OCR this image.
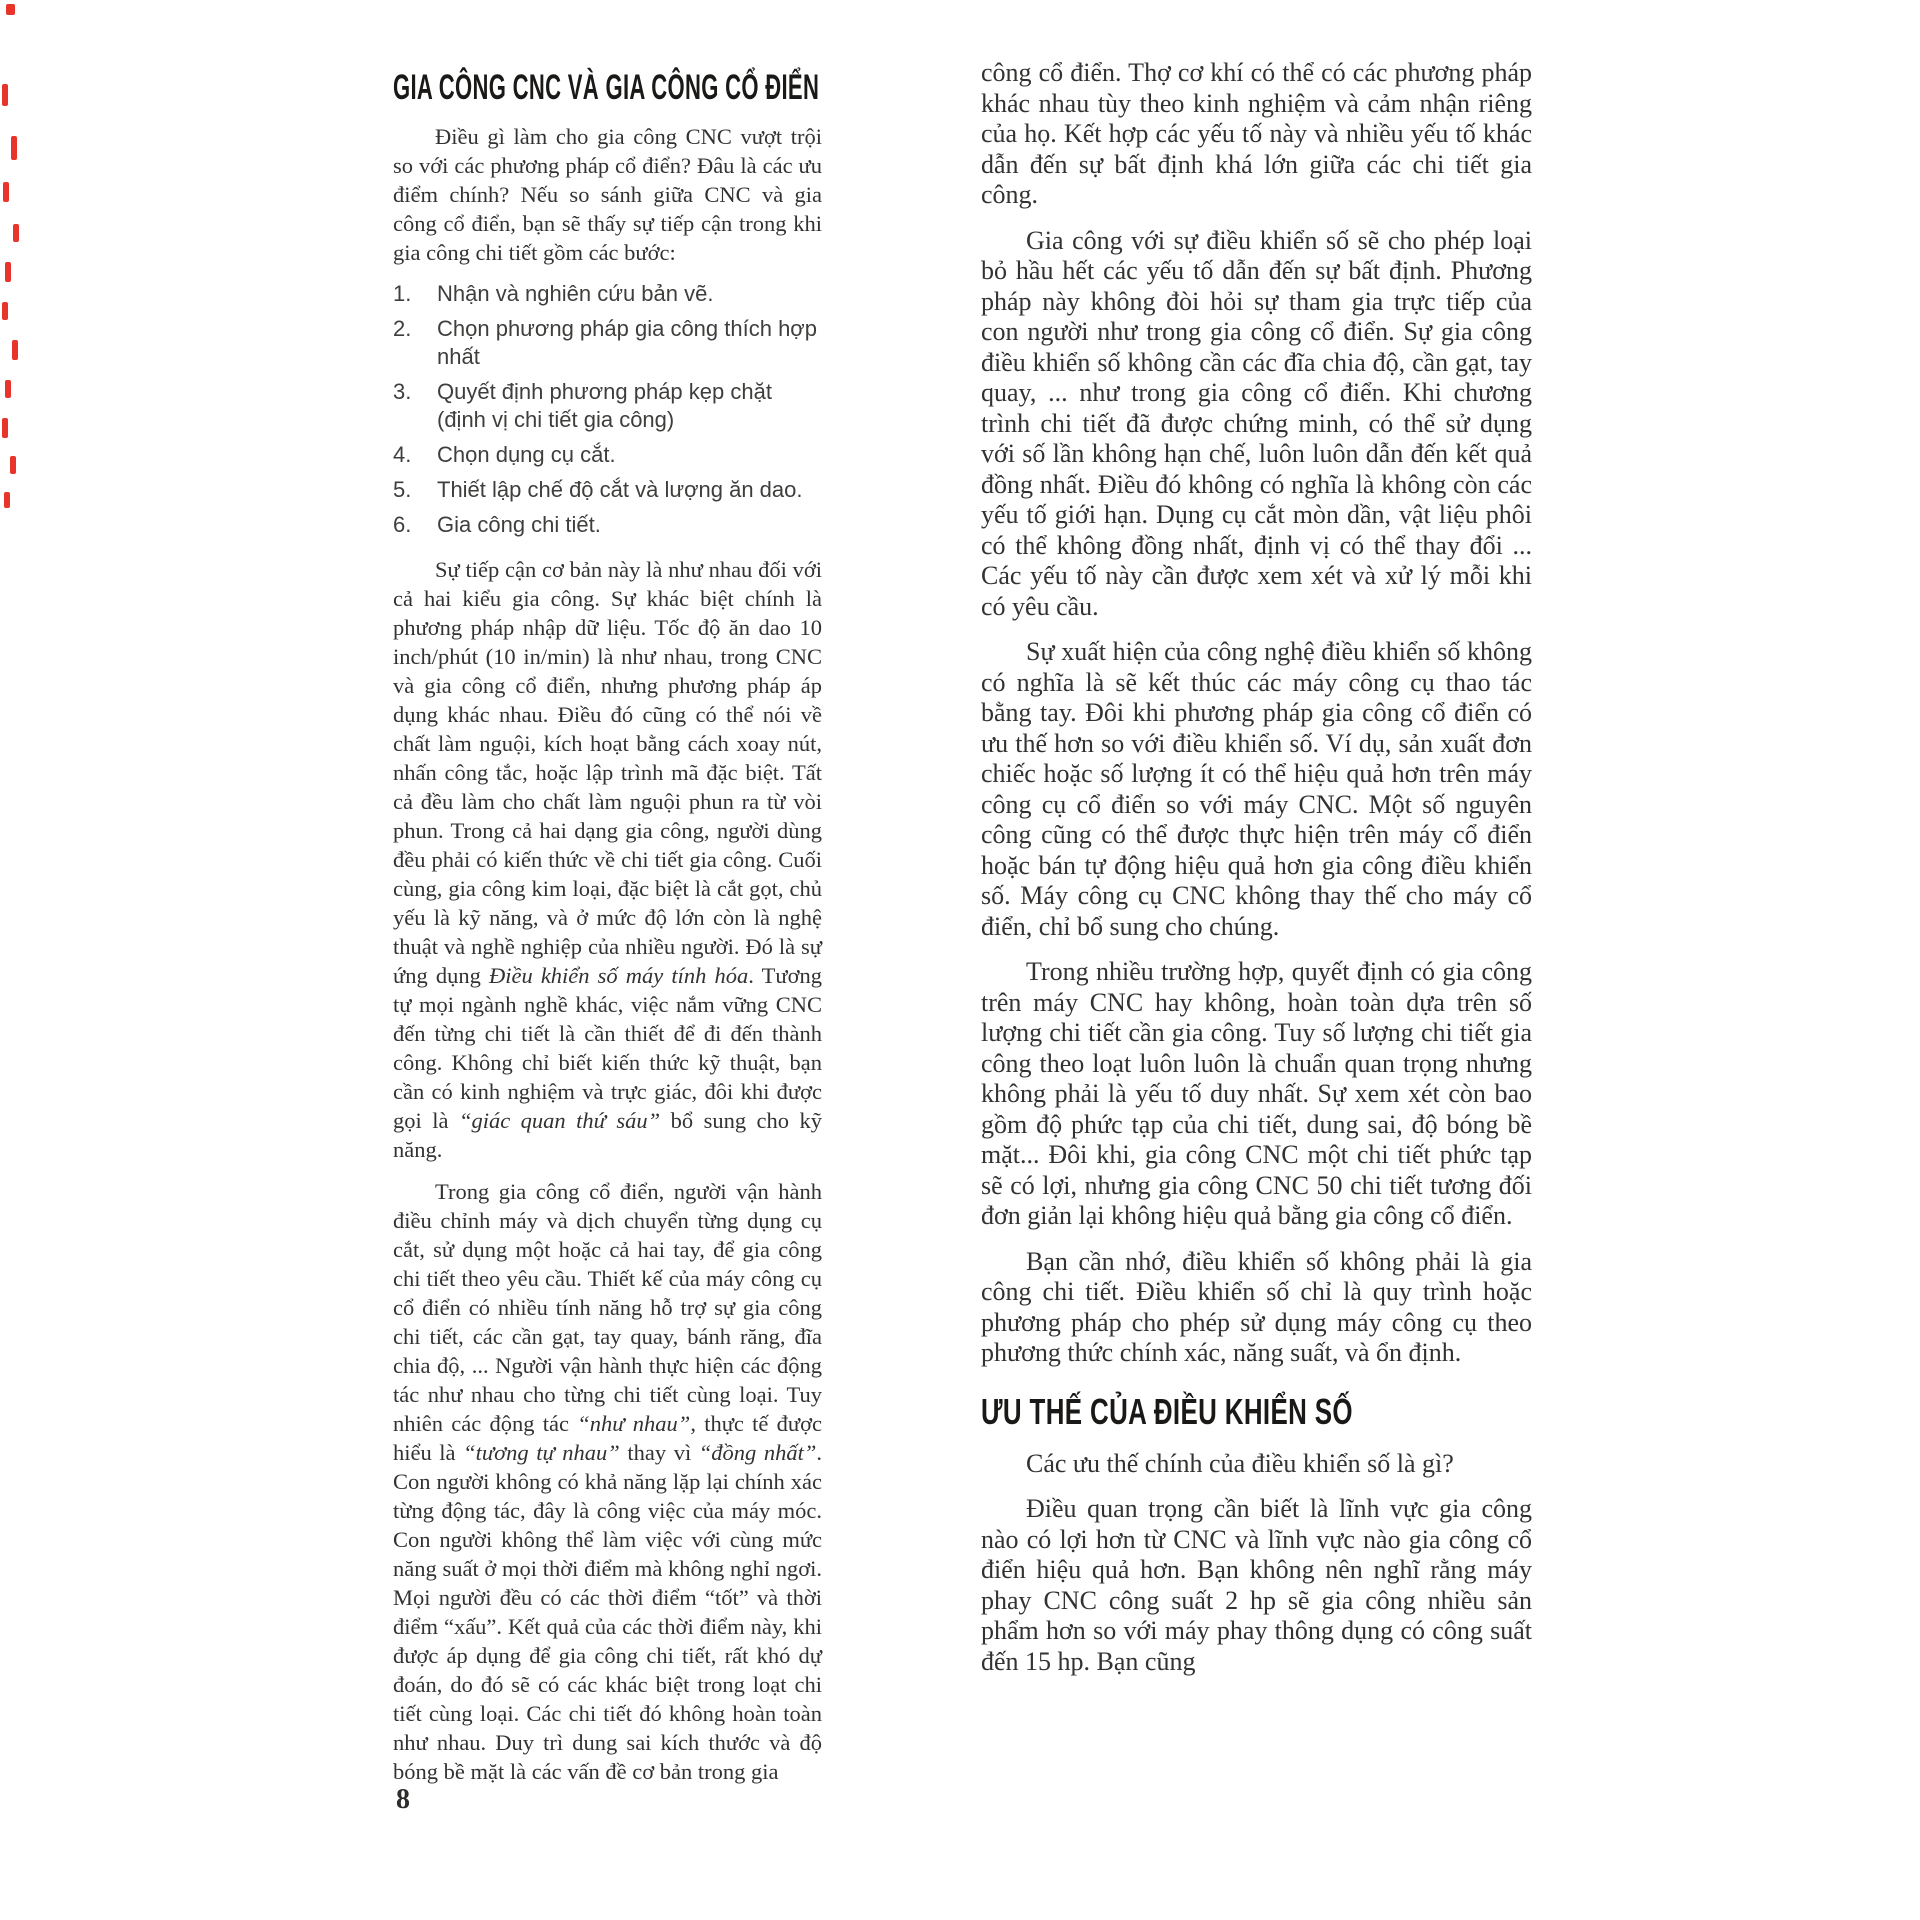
GIA CÔNG CNC VÀ GIA CÔNG CỔ ĐIỂN

Điều gì làm cho gia công CNC vượt trội so với các phương pháp cổ điển? Đâu là các ưu điểm chính? Nếu so sánh giữa CNC và gia công cổ điển, bạn sẽ thấy sự tiếp cận trong khi gia công chi tiết gồm các bước:

1.	Nhận và nghiên cứu bản vẽ.
2.	Chọn phương pháp gia công thích hợp nhất
3.	Quyết định phương pháp kẹp chặt
(định vị chi tiết gia công)
4.	Chọn dụng cụ cắt.
5.	Thiết lập chế độ cắt và lượng ăn dao.
6.	Gia công chi tiết.

Sự tiếp cận cơ bản này là như nhau đối với cả hai kiểu gia công. Sự khác biệt chính là phương pháp nhập dữ liệu. Tốc độ ăn dao 10 inch/phút (10 in/min) là như nhau, trong CNC và gia công cổ điển, nhưng phương pháp áp dụng khác nhau. Điều đó cũng có thể nói về chất làm nguội, kích hoạt bằng cách xoay nút, nhấn công tắc, hoặc lập trình mã đặc biệt. Tất cả đều làm cho chất làm nguội phun ra từ vòi phun. Trong cả hai dạng gia công, người dùng đều phải có kiến thức về chi tiết gia công. Cuối cùng, gia công kim loại, đặc biệt là cắt gọt, chủ yếu là kỹ năng, và ở mức độ lớn còn là nghệ thuật và nghề nghiệp của nhiều người. Đó là sự ứng dụng Điều khiển số máy tính hóa. Tương tự mọi ngành nghề khác, việc nắm vững CNC đến từng chi tiết là cần thiết để đi đến thành công. Không chỉ biết kiến thức kỹ thuật, bạn cần có kinh nghiệm và trực giác, đôi khi được gọi là “giác quan thứ sáu” bổ sung cho kỹ năng.

Trong gia công cổ điển, người vận hành điều chỉnh máy và dịch chuyển từng dụng cụ cắt, sử dụng một hoặc cả hai tay, để gia công chi tiết theo yêu cầu. Thiết kế của máy công cụ cổ điển có nhiều tính năng hỗ trợ sự gia công chi tiết, các cần gạt, tay quay, bánh răng, đĩa chia độ, ... Người vận hành thực hiện các động tác như nhau cho từng chi tiết cùng loại. Tuy nhiên các động tác “như nhau”, thực tế được hiểu là “tương tự nhau” thay vì “đồng nhất”. Con người không có khả năng lặp lại chính xác từng động tác, đây là công việc của máy móc. Con người không thể làm việc với cùng mức năng suất ở mọi thời điểm mà không nghỉ ngơi. Mọi người đều có các thời điểm “tốt” và thời điểm “xấu”. Kết quả của các thời điểm này, khi được áp dụng để gia công chi tiết, rất khó dự đoán, do đó sẽ có các khác biệt trong loạt chi tiết cùng loại. Các chi tiết đó không hoàn toàn như nhau. Duy trì dung sai kích thước và độ bóng bề mặt là các vấn đề cơ bản trong gia

công cổ điển. Thợ cơ khí có thể có các phương pháp khác nhau tùy theo kinh nghiệm và cảm nhận riêng của họ. Kết hợp các yếu tố này và nhiều yếu tố khác dẫn đến sự bất định khá lớn giữa các chi tiết gia công.

Gia công với sự điều khiển số sẽ cho phép loại bỏ hầu hết các yếu tố dẫn đến sự bất định. Phương pháp này không đòi hỏi sự tham gia trực tiếp của con người như trong gia công cổ điển. Sự gia công điều khiển số không cần các đĩa chia độ, cần gạt, tay quay, ... như trong gia công cổ điển. Khi chương trình chi tiết đã được chứng minh, có thể sử dụng với số lần không hạn chế, luôn luôn dẫn đến kết quả đồng nhất. Điều đó không có nghĩa là không còn các yếu tố giới hạn. Dụng cụ cắt mòn dần, vật liệu phôi có thể không đồng nhất, định vị có thể thay đổi ... Các yếu tố này cần được xem xét và xử lý mỗi khi có yêu cầu.

Sự xuất hiện của công nghệ điều khiển số không có nghĩa là sẽ kết thúc các máy công cụ thao tác bằng tay. Đôi khi phương pháp gia công cổ điển có ưu thế hơn so với điều khiển số. Ví dụ, sản xuất đơn chiếc hoặc số lượng ít có thể hiệu quả hơn trên máy công cụ cổ điển so với máy CNC. Một số nguyên công cũng có thể được thực hiện trên máy cổ điển hoặc bán tự động hiệu quả hơn gia công điều khiển số. Máy công cụ CNC không thay thế cho máy cổ điển, chỉ bổ sung cho chúng.

Trong nhiều trường hợp, quyết định có gia công trên máy CNC hay không, hoàn toàn dựa trên số lượng chi tiết cần gia công. Tuy số lượng chi tiết gia công theo loạt luôn luôn là chuẩn quan trọng nhưng không phải là yếu tố duy nhất. Sự xem xét còn bao gồm độ phức tạp của chi tiết, dung sai, độ bóng bề mặt... Đôi khi, gia công CNC một chi tiết phức tạp sẽ có lợi, nhưng gia công CNC 50 chi tiết tương đối đơn giản lại không hiệu quả bằng gia công cổ điển.

Bạn cần nhớ, điều khiển số không phải là gia công chi tiết. Điều khiển số chỉ là quy trình hoặc phương pháp cho phép sử dụng máy công cụ theo phương thức chính xác, năng suất, và ổn định.

ƯU THẾ CỦA ĐIỀU KHIỂN SỐ

Các ưu thế chính của điều khiển số là gì?

Điều quan trọng cần biết là lĩnh vực gia công nào có lợi hơn từ CNC và lĩnh vực nào gia công cổ điển hiệu quả hơn. Bạn không nên nghĩ rằng máy phay CNC công suất 2 hp sẽ gia công nhiều sản phẩm hơn so với máy phay thông dụng có công suất đến 15 hp. Bạn cũng

8
